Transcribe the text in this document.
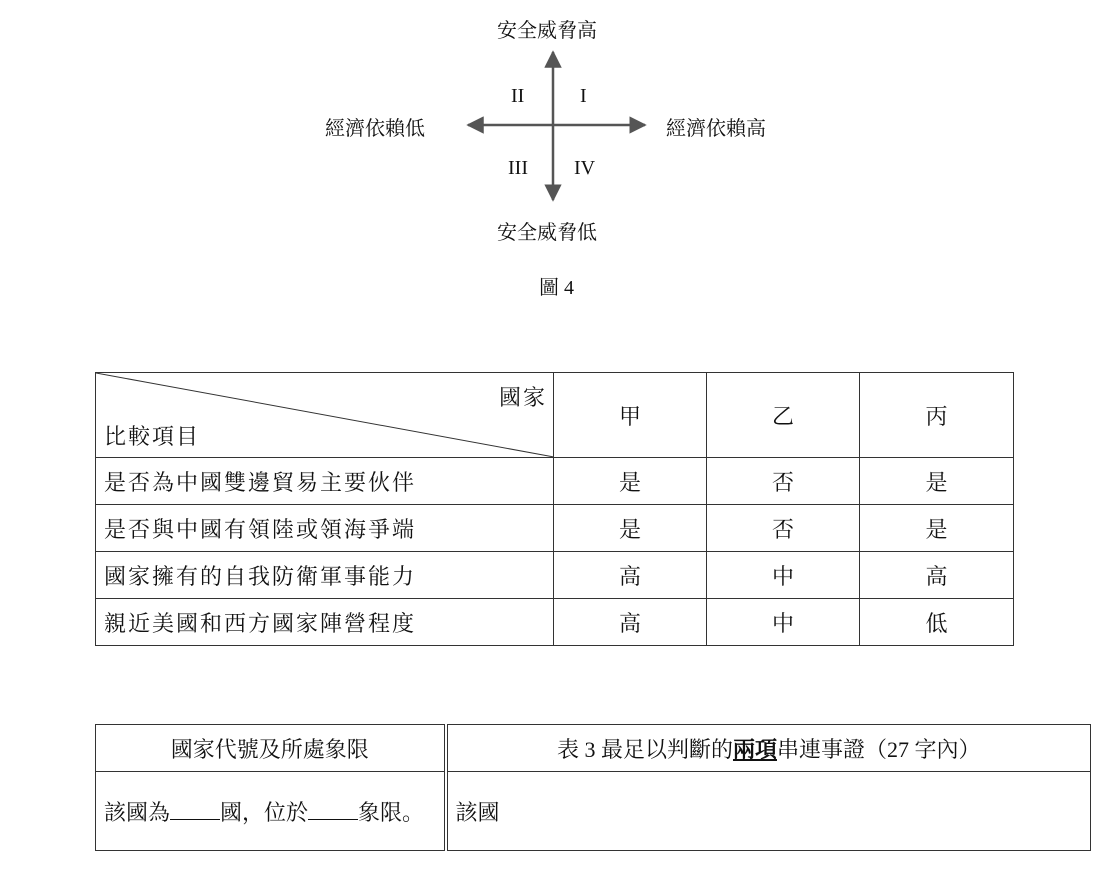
安全威脅高
安全威脅低
經濟依賴低	經濟依賴高
II	I
III IV
圖 4
國家
比較項目	甲	乙	丙
是否為中國雙邊貿易主要伙伴	是	否	是
是否與中國有領陸或領海爭端	是	否	是
國家擁有的自我防衛軍事能力	高	中	高
親近美國和西方國家陣營程度	高	中	低
國家代號及所處象限	表 3 最足以判斷的兩項串連事證（27 字內）
該國為 國，位於 象限。	該國
